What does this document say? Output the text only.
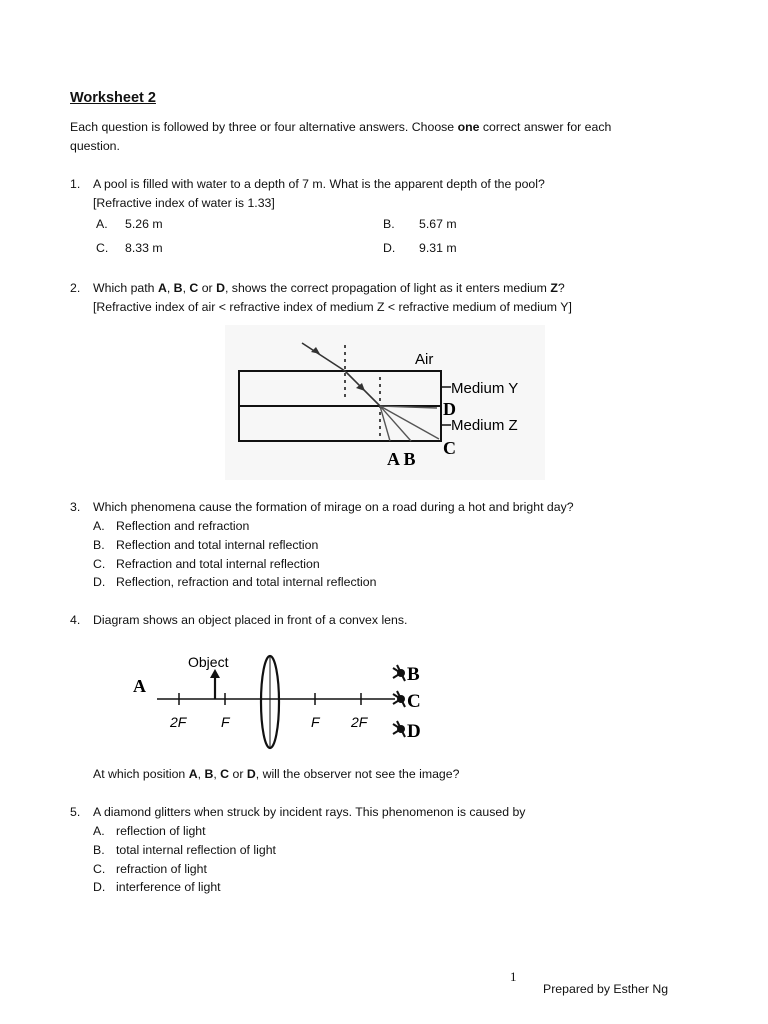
Worksheet 2
Each question is followed by three or four alternative answers. Choose one correct answer for each
question.
1. A pool is filled with water to a depth of 7 m. What is the apparent depth of the pool?
[Refractive index of water is 1.33]
A. 5.26 m	B. 5.67 m
C. 8.33 m	D. 9.31 m
2. Which path A, B, C or D, shows the correct propagation of light as it enters medium Z?
[Refractive index of air < refractive index of medium Z < refractive medium of medium Y]
Air
Medium Y
D
Medium Z
C
A B
3. Which phenomena cause the formation of mirage on a road during a hot and bright day?
A. Reflection and refraction
B. Reflection and total internal reflection
C. Refraction and total internal reflection
D. Reflection, refraction and total internal reflection
4. Diagram shows an object placed in front of a convex lens.
2F F	F 2F
Object
A
B
C
D
At which position A, B, C or D, will the observer not see the image?
5. A diamond glitters when struck by incident rays. This phenomenon is caused by
A. reflection of light
B. total internal reflection of light
C. refraction of light
D. interference of light
1
Prepared by Esther Ng
